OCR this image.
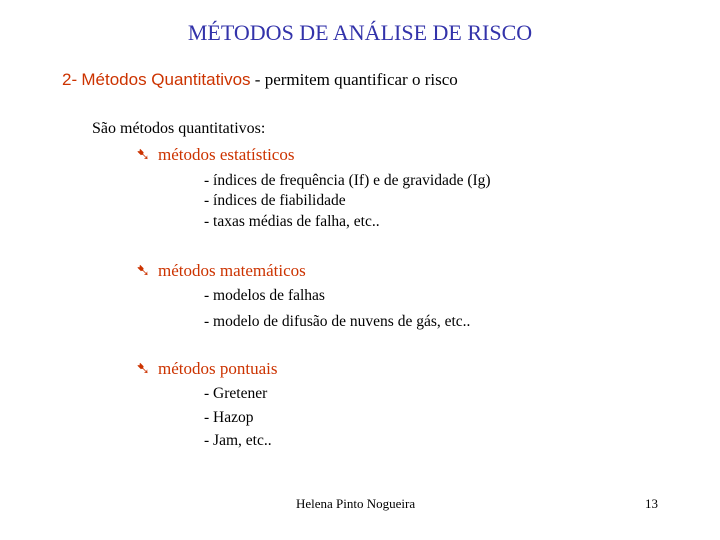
MÉTODOS DE ANÁLISE DE RISCO
2- Métodos Quantitativos - permitem quantificar o risco
São métodos quantitativos:
➷ métodos estatísticos
- índices de frequência (If) e de gravidade (Ig)
- índices de fiabilidade
- taxas médias de falha, etc..
➷ métodos matemáticos
- modelos de falhas
- modelo de difusão de nuvens de gás, etc..
➷ métodos pontuais
- Gretener
- Hazop
- Jam, etc..
Helena Pinto Nogueira	13
